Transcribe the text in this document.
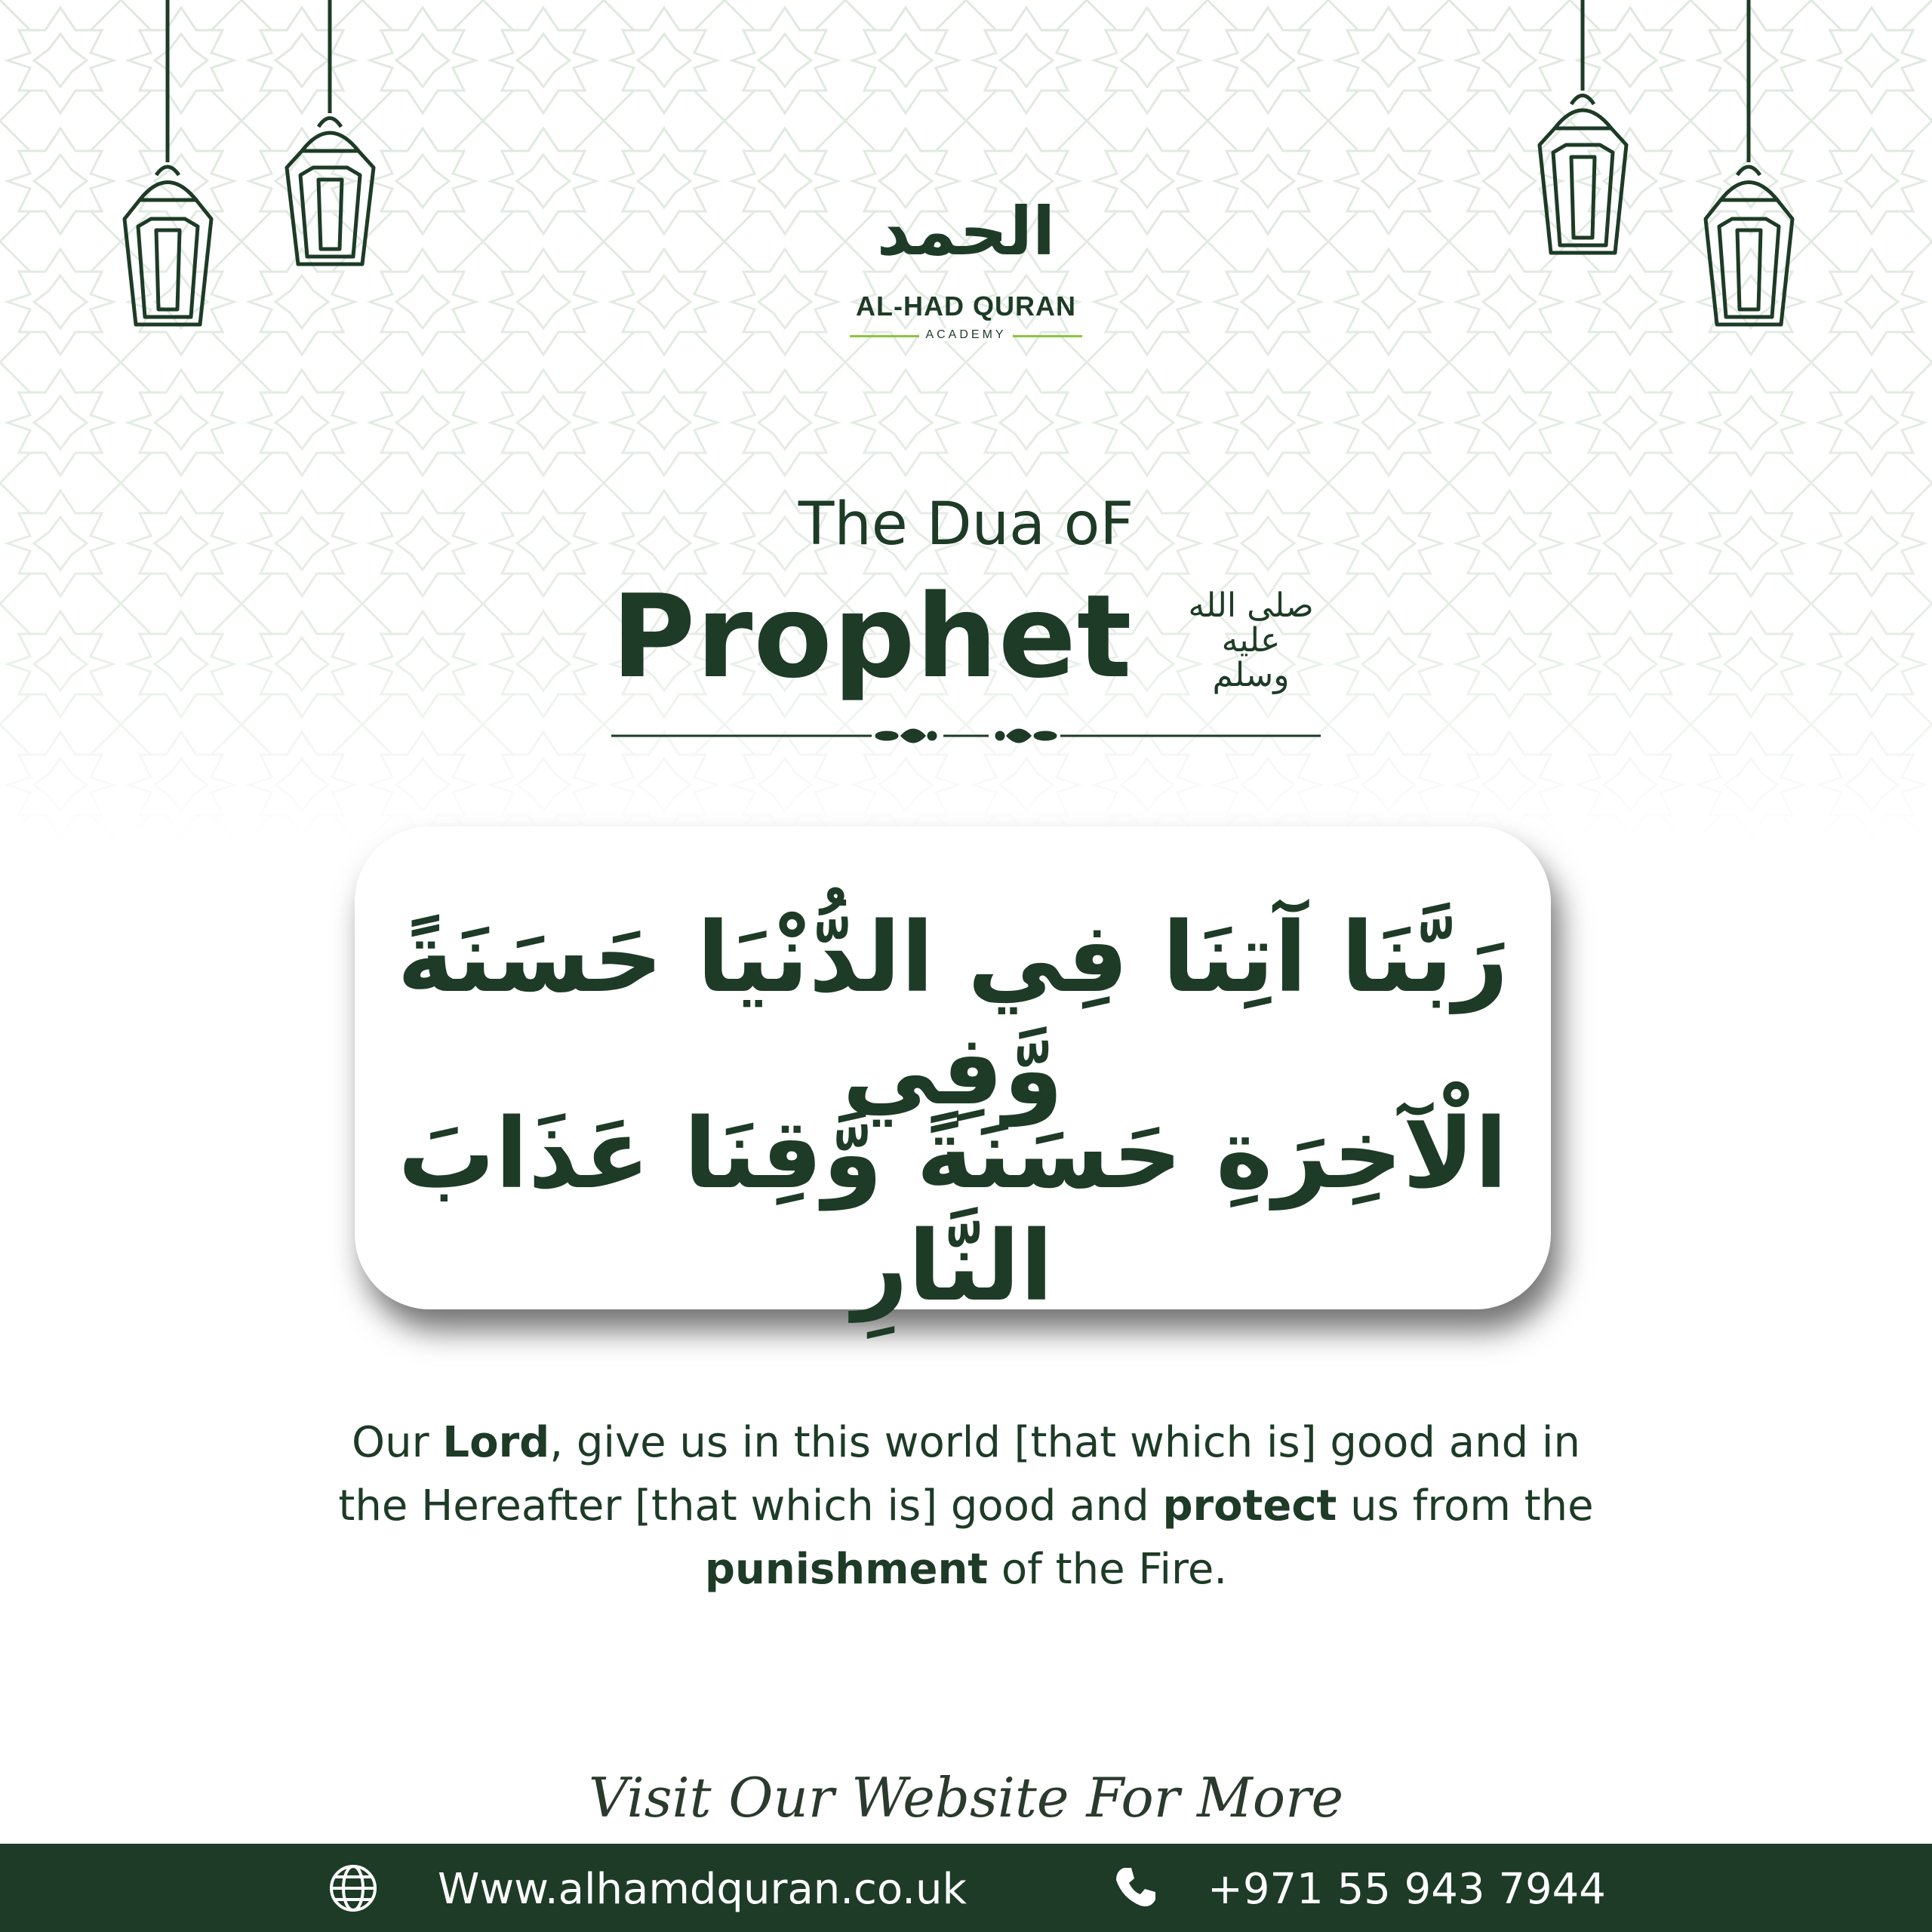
الحمد
AL-HAD QURAN
ACADEMY
The Dua oF
Prophet صلى الله عليه وسلم
رَبَّنَا آتِنَا فِي الدُّنْيَا حَسَنَةً وَّفِي
الْآخِرَةِ حَسَنَةً وَّقِنَا عَذَابَ النَّارِ
Our Lord, give us in this world [that which is] good and in
the Hereafter [that which is] good and protect us from the
punishment of the Fire.
Visit Our Website For More
Www.alhamdquran.co.uk	+971 55 943 7944
